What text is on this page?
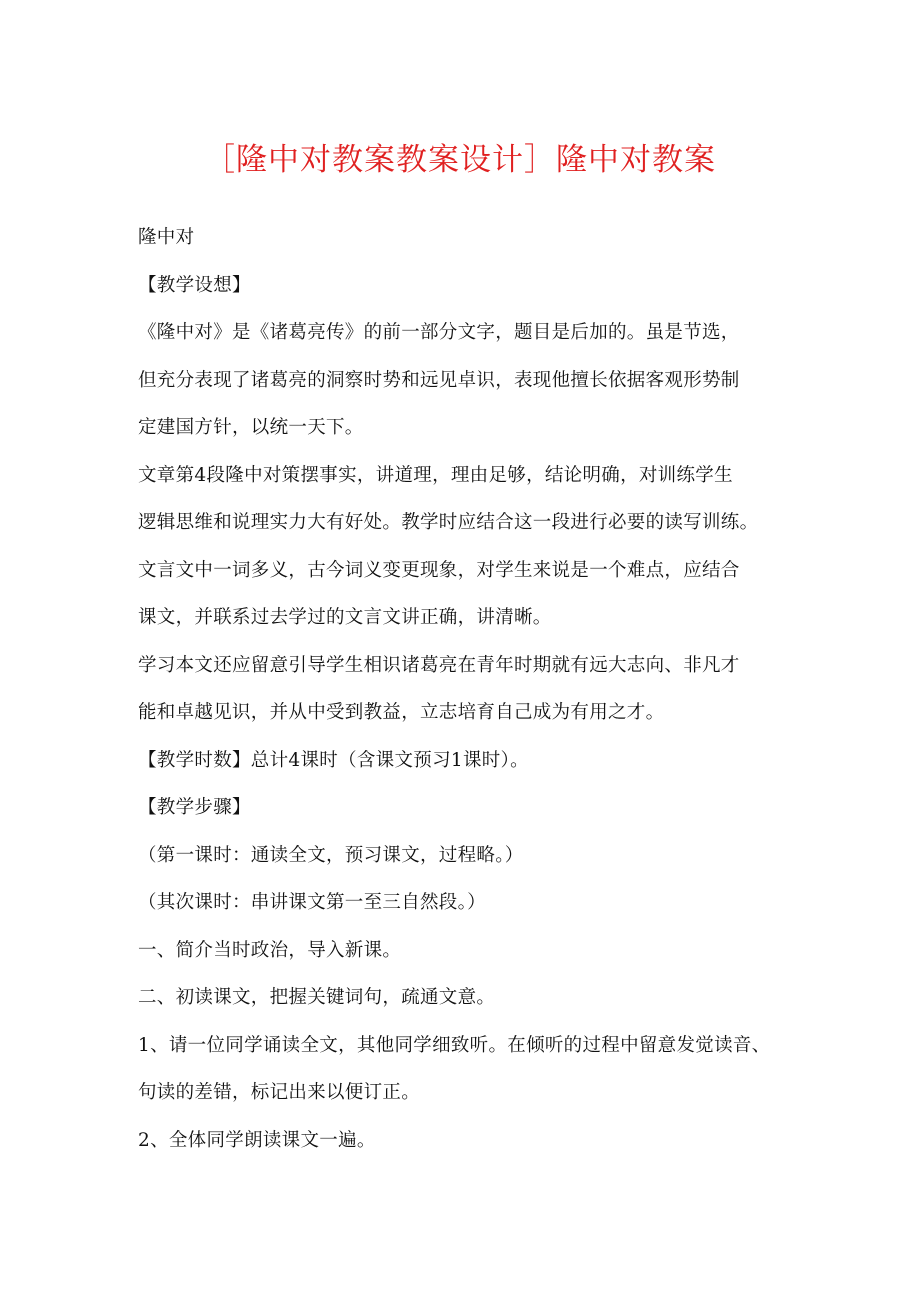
［隆中对教案教案设计］隆中对教案
隆中对
【教学设想】
《隆中对》是《诸葛亮传》的前一部分文字，题目是后加的。虽是节选，
但充分表现了诸葛亮的洞察时势和远见卓识，表现他擅长依据客观形势制
定建国方针，以统一天下。
文章第4段隆中对策摆事实，讲道理，理由足够，结论明确，对训练学生
逻辑思维和说理实力大有好处。教学时应结合这一段进行必要的读写训练。
文言文中一词多义，古今词义变更现象，对学生来说是一个难点，应结合
课文，并联系过去学过的文言文讲正确，讲清晰。
学习本文还应留意引导学生相识诸葛亮在青年时期就有远大志向、非凡才
能和卓越见识，并从中受到教益，立志培育自己成为有用之才。
【教学时数】总计4课时（含课文预习1课时）。
【教学步骤】
（第一课时：通读全文，预习课文，过程略。）
（其次课时：串讲课文第一至三自然段。）
一、简介当时政治，导入新课。
二、初读课文，把握关键词句，疏通文意。
1、请一位同学诵读全文，其他同学细致听。在倾听的过程中留意发觉读音、
句读的差错，标记出来以便订正。
2、全体同学朗读课文一遍。
